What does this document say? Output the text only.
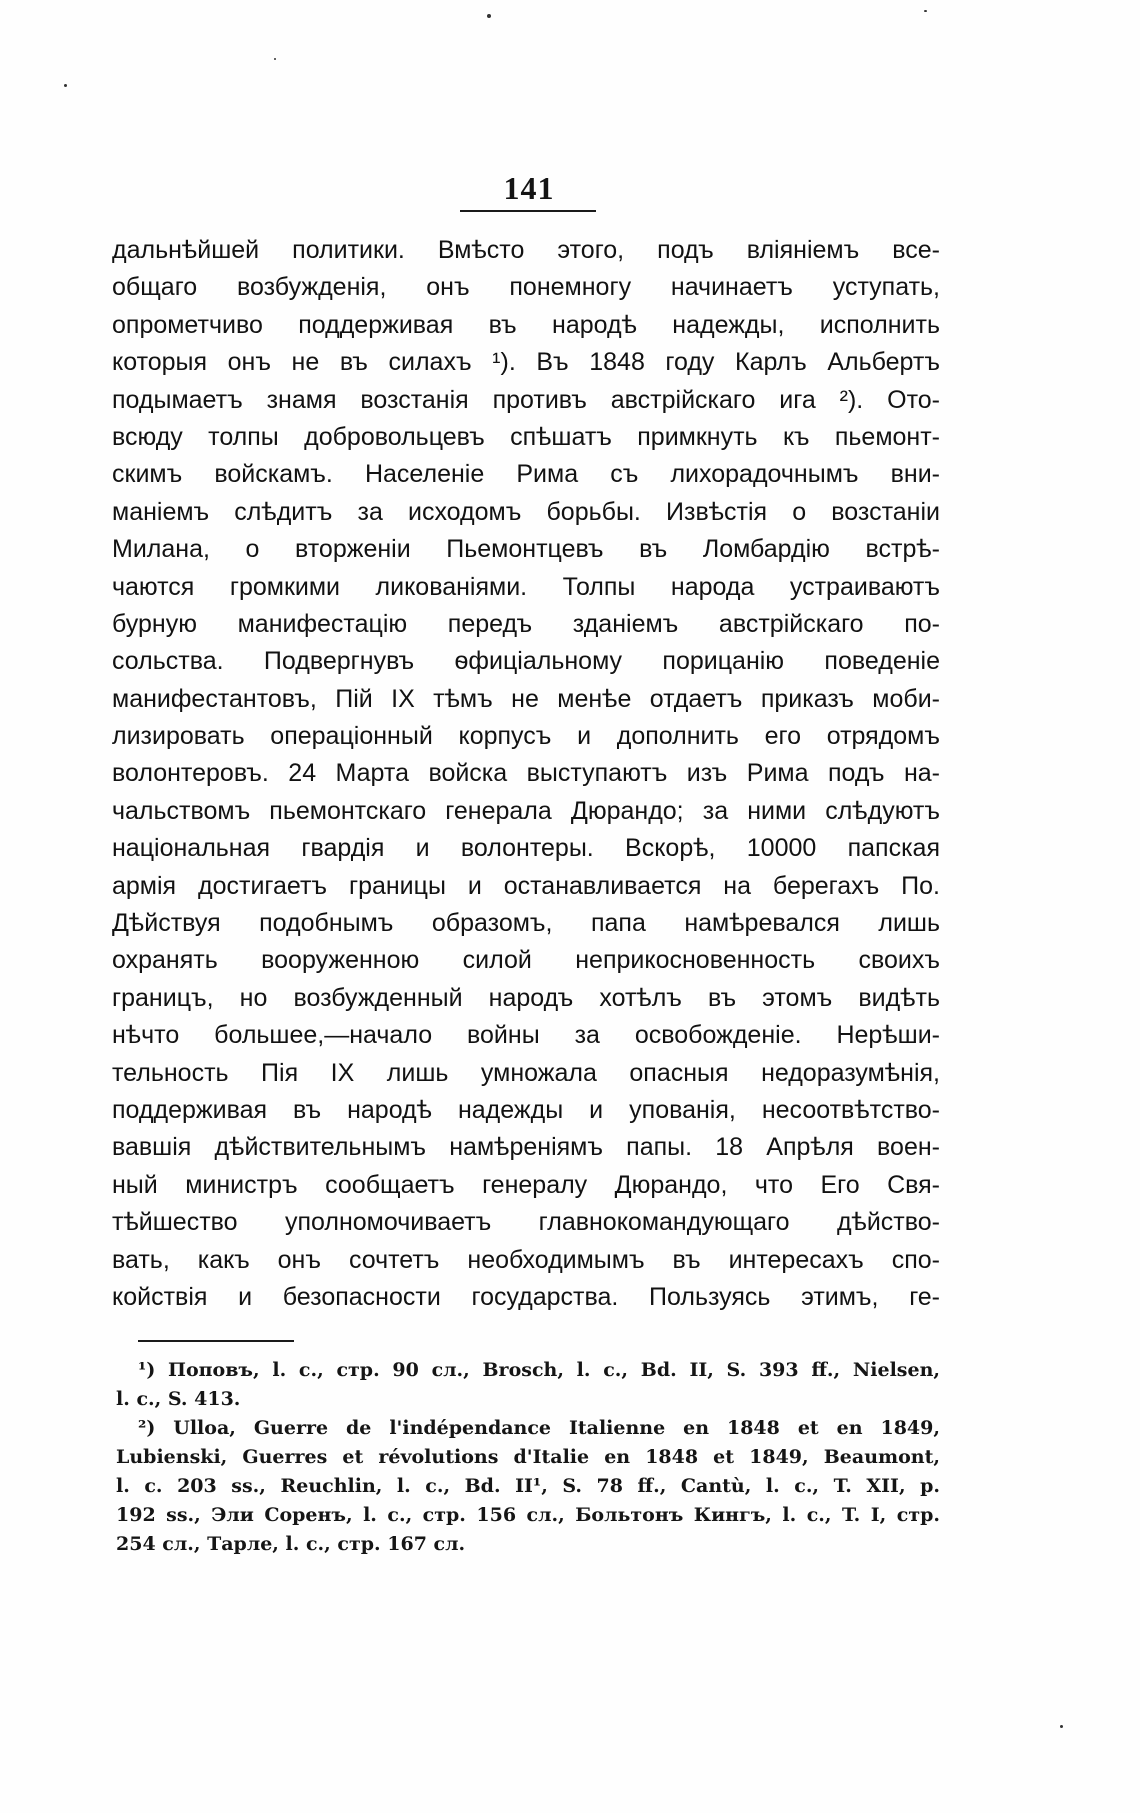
141
дальнѣйшей политики. Вмѣсто этого, подъ вліяніемъ все-
общаго возбужденія, онъ понемногу начинаетъ уступать,
опрометчиво поддерживая въ народѣ надежды, исполнить
которыя онъ не въ силахъ ¹). Въ 1848 году Карлъ Альбертъ
подымаетъ знамя возстанія противъ австрійскаго ига ²). Ото-
всюду толпы добровольцевъ спѣшатъ примкнуть къ пьемонт-
скимъ войскамъ. Населеніе Рима съ лихорадочнымъ вни-
маніемъ слѣдитъ за исходомъ борьбы. Извѣстія о возстаніи
Милана, о вторженіи Пьемонтцевъ въ Ломбардію встрѣ-
чаются громкими ликованіями. Толпы народа устраиваютъ
бурную манифестацію передъ зданіемъ австрійскаго по-
сольства. Подвергнувъ ѳфиціальному порицанію поведеніе
манифестантовъ, Пій IX тѣмъ не менѣе отдаетъ приказъ моби-
лизировать операціонный корпусъ и дополнить его отрядомъ
волонтеровъ. 24 Марта войска выступаютъ изъ Рима подъ на-
чальствомъ пьемонтскаго генерала Дюрандо; за ними слѣдуютъ
національная гвардія и волонтеры. Вскорѣ, 10000 папская
армія достигаетъ границы и останавливается на берегахъ По.
Дѣйствуя подобнымъ образомъ, папа намѣревался лишь
охранять вооруженною силой неприкосновенность своихъ
границъ, но возбужденный народъ хотѣлъ въ этомъ видѣть
нѣчто большее,—начало войны за освобожденіе. Нерѣши-
тельность Пія IX лишь умножала опасныя недоразумѣнія,
поддерживая въ народѣ надежды и упованія, несоотвѣтство-
вавшія дѣйствительнымъ намѣреніямъ папы. 18 Апрѣля воен-
ный министръ сообщаетъ генералу Дюрандо, что Его Свя-
тѣйшество уполномочиваетъ главнокомандующаго дѣйство-
вать, какъ онъ сочтетъ необходимымъ въ интересахъ спо-
койствія и безопасности государства. Пользуясь этимъ, ге-
¹) Поповъ, l. c., стр. 90 сл., Brosch, l. c., Bd. II, S. 393 ff., Nielsen,
l. c., S. 413.
²) Ulloa, Guerre de l'indépendance Italienne en 1848 et en 1849,
Lubienski, Guerres et révolutions d'Italie en 1848 et 1849, Beaumont,
l. c. 203 ss., Reuchlin, l. c., Bd. II¹, S. 78 ff., Cantù, l. c., T. XII, p.
192 ss., Эли Соренъ, l. c., стр. 156 сл., Больтонъ Кингъ, l. c., T. I, стр.
254 сл., Тарле, l. c., стр. 167 сл.
